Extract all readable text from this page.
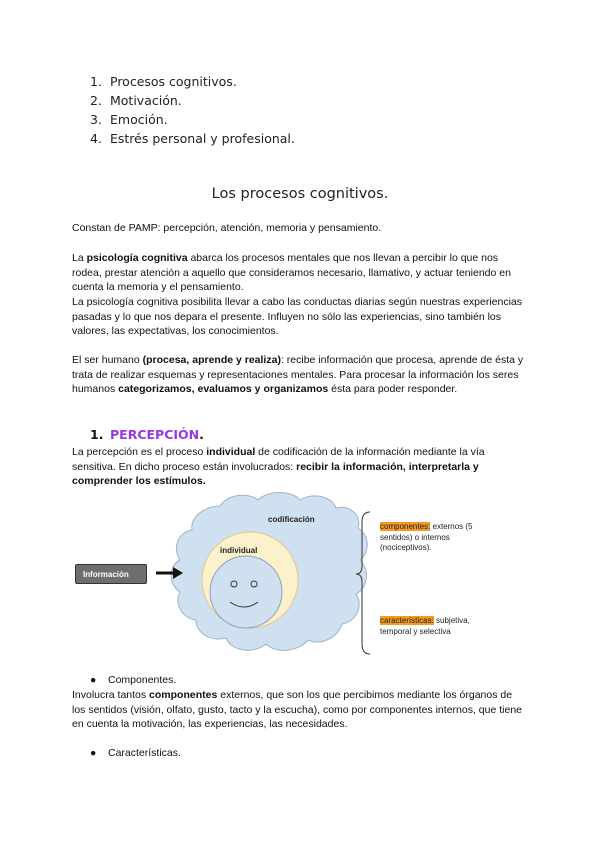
1. Procesos cognitivos.
2. Motivación.
3. Emoción.
4. Estrés personal y profesional.
Los procesos cognitivos.

Constan de PAMP: percepción, atención, memoria y pensamiento.

La psicología cognitiva abarca los procesos mentales que nos llevan a percibir lo que nos rodea, prestar atención a aquello que consideramos necesario, llamativo, y actuar teniendo en cuenta la memoria y el pensamiento.

La psicología cognitiva posibilita llevar a cabo las conductas diarias según nuestras experiencias pasadas y lo que nos depara el presente. Influyen no sólo las experiencias, sino también los valores, las expectativas, los conocimientos.

El ser humano (procesa, aprende y realiza): recibe información que procesa, aprende de ésta y trata de realizar esquemas y representaciones mentales. Para procesar la información los seres humanos categorizamos, evaluamos y organizamos ésta para poder responder.

1. PERCEPCIÓN.

La percepción es el proceso individual de codificación de la información mediante la vía sensitiva. En dicho proceso están involucrados: recibir la información, interpretarla y comprender los estímulos.

Información
codificación
individual
componentes: externos (5 sentidos) o internos (nociceptivos).
características: subjetiva, temporal y selectiva

● Componentes.

Involucra tantos componentes externos, que son los que percibimos mediante los órganos de los sentidos (visión, olfato, gusto, tacto y la escucha), como por componentes internos, que tiene en cuenta la motivación, las experiencias, las necesidades.

● Características.
